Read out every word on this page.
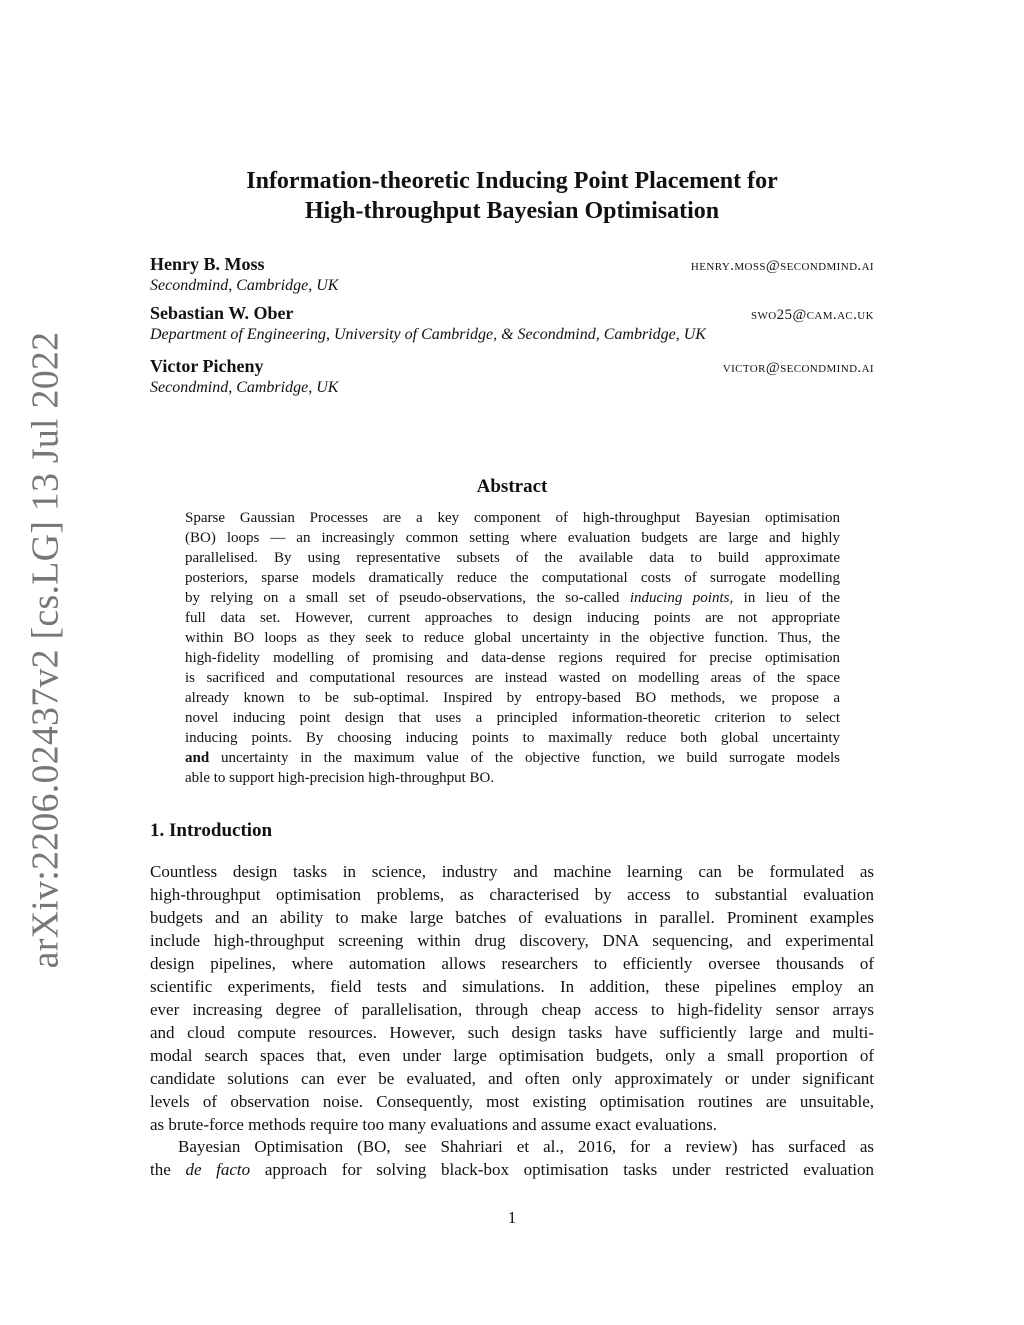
arXiv:2206.02437v2 [cs.LG] 13 Jul 2022
Information-theoretic Inducing Point Placement for
High-throughput Bayesian Optimisation
Henry B. Moss	henry.moss@secondmind.ai
Secondmind, Cambridge, UK
Sebastian W. Ober	swo25@cam.ac.uk
Department of Engineering, University of Cambridge, & Secondmind, Cambridge, UK
Victor Picheny	victor@secondmind.ai
Secondmind, Cambridge, UK
Abstract
Sparse Gaussian Processes are a key component of high-throughput Bayesian optimisation
(BO) loops — an increasingly common setting where evaluation budgets are large and highly
parallelised. By using representative subsets of the available data to build approximate
posteriors, sparse models dramatically reduce the computational costs of surrogate modelling
by relying on a small set of pseudo-observations, the so-called inducing points, in lieu of the
full data set. However, current approaches to design inducing points are not appropriate
within BO loops as they seek to reduce global uncertainty in the objective function. Thus, the
high-fidelity modelling of promising and data-dense regions required for precise optimisation
is sacrificed and computational resources are instead wasted on modelling areas of the space
already known to be sub-optimal. Inspired by entropy-based BO methods, we propose a
novel inducing point design that uses a principled information-theoretic criterion to select
inducing points. By choosing inducing points to maximally reduce both global uncertainty
and uncertainty in the maximum value of the objective function, we build surrogate models
able to support high-precision high-throughput BO.
1. Introduction
Countless design tasks in science, industry and machine learning can be formulated as
high-throughput optimisation problems, as characterised by access to substantial evaluation
budgets and an ability to make large batches of evaluations in parallel. Prominent examples
include high-throughput screening within drug discovery, DNA sequencing, and experimental
design pipelines, where automation allows researchers to efficiently oversee thousands of
scientific experiments, field tests and simulations. In addition, these pipelines employ an
ever increasing degree of parallelisation, through cheap access to high-fidelity sensor arrays
and cloud compute resources. However, such design tasks have sufficiently large and multi-
modal search spaces that, even under large optimisation budgets, only a small proportion of
candidate solutions can ever be evaluated, and often only approximately or under significant
levels of observation noise. Consequently, most existing optimisation routines are unsuitable,
as brute-force methods require too many evaluations and assume exact evaluations.
Bayesian Optimisation (BO, see Shahriari et al., 2016, for a review) has surfaced as
the de facto approach for solving black-box optimisation tasks under restricted evaluation
1
